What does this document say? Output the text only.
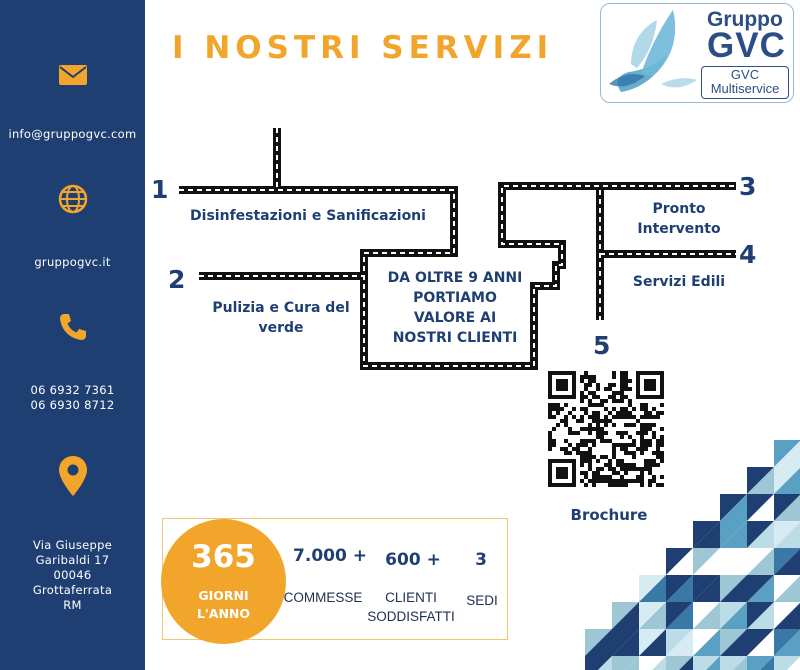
info@gruppogvc.com
gruppogvc.it
06 6932 7361
06 6930 8712
Via Giuseppe
Garibaldi 17
00046
Grottaferrata
RM
I NOSTRI SERVIZI
Gruppo
GVC
GVC
Multiservice
1
2
3
4
5
Disinfestazioni e Sanificazioni
Pulizia e Cura del
verde
Pronto
Intervento
Servizi Edili
DA OLTRE 9 ANNI
PORTIAMO
VALORE AI
NOSTRI CLIENTI
Brochure
365
GIORNI
L'ANNO
7.000 +
COMMESSE
600 +
CLIENTI
SODDISFATTI
3
SEDI
